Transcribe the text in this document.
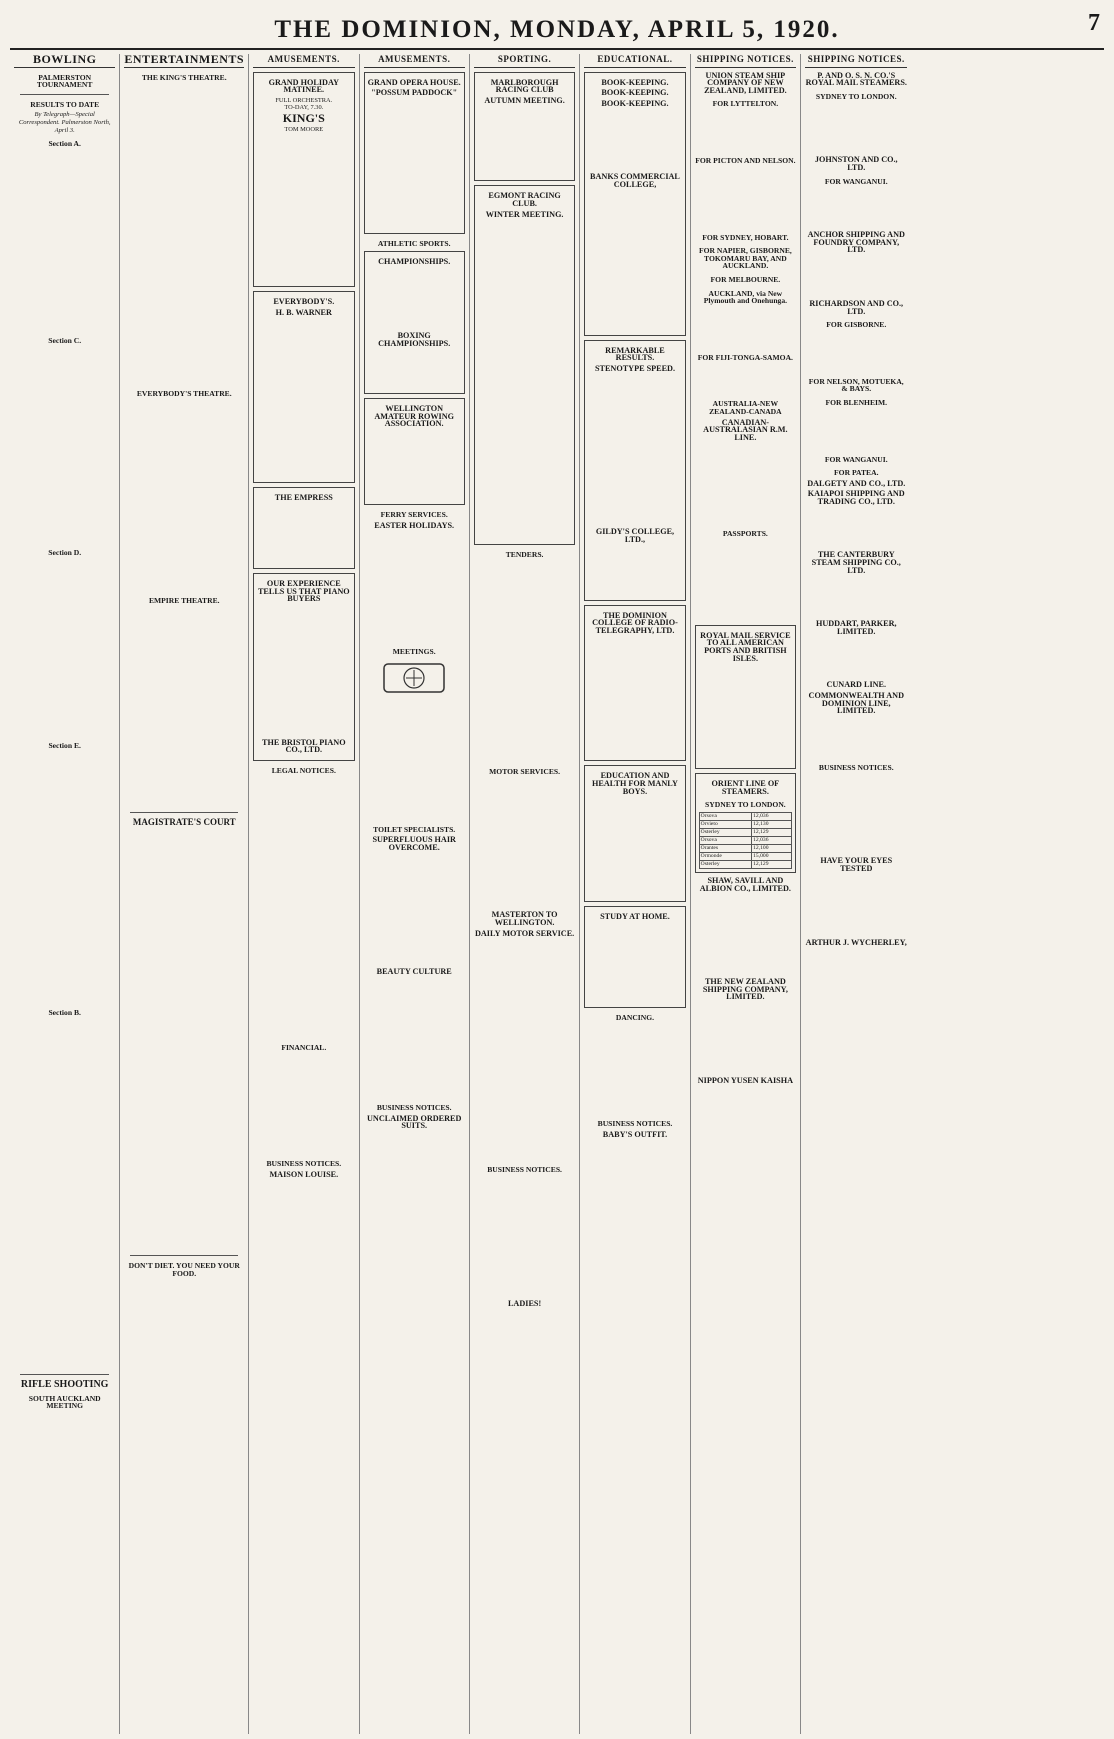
THE DOMINION, MONDAY, APRIL 5, 1920.	7
BOWLING
PALMERSTON TOURNAMENT
RESULTS TO DATE
By Telegraph—Special Correspondent. Palmerston North, April 3.
Section A.
Section C.
Section D.
Section E.
Section B.
RIFLE SHOOTING
SOUTH AUCKLAND MEETING
ENTERTAINMENTS
THE KING'S THEATRE.
EVERYBODY'S THEATRE.
EMPIRE THEATRE.
MAGISTRATE'S COURT
DON'T DIET. YOU NEED YOUR FOOD.
AMUSEMENTS.
GRAND HOLIDAY MATINEE.
FULL ORCHESTRA.
TO-DAY, 7.30.
KING'S
TOM MOORE
EVERYBODY'S.
H. B. WARNER
THE EMPRESS
OUR EXPERIENCE TELLS US THAT PIANO BUYERS
THE BRISTOL PIANO CO., LTD.
LEGAL NOTICES.
FINANCIAL.
BUSINESS NOTICES.
MAISON LOUISE.
AMUSEMENTS.
GRAND OPERA HOUSE.
"POSSUM PADDOCK"
ATHLETIC SPORTS.
CHAMPIONSHIPS.
BOXING CHAMPIONSHIPS.
WELLINGTON AMATEUR ROWING ASSOCIATION.
FERRY SERVICES.
EASTER HOLIDAYS.
MEETINGS.
TOILET SPECIALISTS.
SUPERFLUOUS HAIR OVERCOME.
BEAUTY CULTURE
BUSINESS NOTICES.
UNCLAIMED ORDERED SUITS.
SPORTING.
MARLBOROUGH RACING CLUB
AUTUMN MEETING.
EGMONT RACING CLUB.
WINTER MEETING.
TENDERS.
MOTOR SERVICES.
MASTERTON TO WELLINGTON.
DAILY MOTOR SERVICE.
BUSINESS NOTICES.
LADIES!
EDUCATIONAL.
BOOK-KEEPING.
BOOK-KEEPING.
BOOK-KEEPING.
BANKS COMMERCIAL COLLEGE,
REMARKABLE RESULTS.
STENOTYPE SPEED.
GILDY'S COLLEGE, LTD.,
THE DOMINION COLLEGE OF RADIO-TELEGRAPHY, LTD.
EDUCATION AND HEALTH FOR MANLY BOYS.
STUDY AT HOME.
DANCING.
BUSINESS NOTICES.
BABY'S OUTFIT.
SHIPPING NOTICES.
UNION STEAM SHIP COMPANY OF NEW ZEALAND, LIMITED.
FOR LYTTELTON.
FOR PICTON AND NELSON.
FOR SYDNEY, HOBART.
FOR NAPIER, GISBORNE, TOKOMARU BAY, AND AUCKLAND.
FOR MELBOURNE.
AUCKLAND, via New Plymouth and Onehunga.
FOR FIJI-TONGA-SAMOA.
AUSTRALIA-NEW ZEALAND-CANADA
CANADIAN-AUSTRALASIAN R.M. LINE.
PASSPORTS.
ROYAL MAIL SERVICE TO ALL AMERICAN PORTS AND BRITISH ISLES.
ORIENT LINE OF STEAMERS.
SYDNEY TO LONDON.
Orsova	12,036
Orvieto	12,130
Osterley	12,129
Orsova	12,036
Orantes	12,100
Ormonde	15,000
Osterley	12,129
SHAW, SAVILL AND ALBION CO., LIMITED.
THE NEW ZEALAND SHIPPING COMPANY, LIMITED.
NIPPON YUSEN KAISHA
SHIPPING NOTICES.
P. AND O. S. N. CO.'S ROYAL MAIL STEAMERS.
SYDNEY TO LONDON.
JOHNSTON AND CO., LTD.
FOR WANGANUI.
ANCHOR SHIPPING AND FOUNDRY COMPANY, LTD.
RICHARDSON AND CO., LTD.
FOR GISBORNE.
FOR NELSON, MOTUEKA, & BAYS.
FOR BLENHEIM.
FOR WANGANUI.
FOR PATEA.
DALGETY AND CO., LTD.
KAIAPOI SHIPPING AND TRADING CO., LTD.
THE CANTERBURY STEAM SHIPPING CO., LTD.
HUDDART, PARKER, LIMITED.
CUNARD LINE.
COMMONWEALTH AND DOMINION LINE, LIMITED.
BUSINESS NOTICES.
HAVE YOUR EYES TESTED
ARTHUR J. WYCHERLEY,
